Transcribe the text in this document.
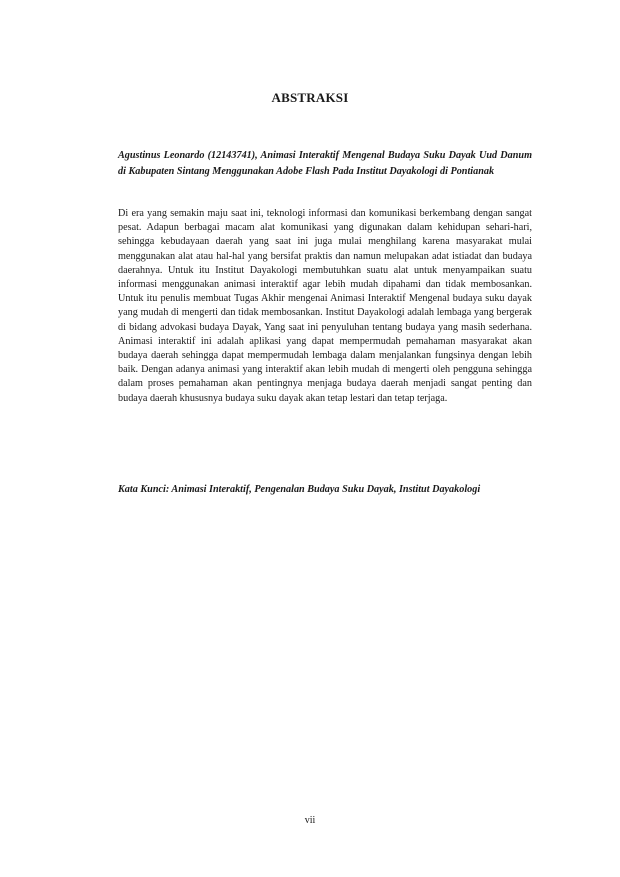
ABSTRAKSI
Agustinus Leonardo (12143741), Animasi Interaktif Mengenal Budaya Suku Dayak Uud Danum di Kabupaten Sintang Menggunakan Adobe Flash Pada Institut Dayakologi di Pontianak

Di era yang semakin maju saat ini, teknologi informasi dan komunikasi berkembang dengan sangat pesat. Adapun berbagai macam alat komunikasi yang digunakan dalam kehidupan sehari-hari, sehingga kebudayaan daerah yang saat ini juga mulai menghilang karena masyarakat mulai menggunakan alat atau hal-hal yang bersifat praktis dan namun melupakan adat istiadat dan budaya daerahnya. Untuk itu Institut Dayakologi membutuhkan suatu alat untuk menyampaikan suatu informasi menggunakan animasi interaktif agar lebih mudah dipahami dan tidak membosankan. Untuk itu penulis membuat Tugas Akhir mengenai Animasi Interaktif Mengenal budaya suku dayak yang mudah di mengerti dan tidak membosankan. Institut Dayakologi adalah lembaga yang bergerak di bidang advokasi budaya Dayak, Yang saat ini penyuluhan tentang budaya yang masih sederhana. Animasi interaktif ini adalah aplikasi yang dapat mempermudah pemahaman masyarakat akan budaya daerah sehingga dapat mempermudah lembaga dalam menjalankan fungsinya dengan lebih baik. Dengan adanya animasi yang interaktif akan lebih mudah di mengerti oleh pengguna sehingga dalam proses pemahaman akan pentingnya menjaga budaya daerah menjadi sangat penting dan budaya daerah khususnya budaya suku dayak akan tetap lestari dan tetap terjaga.

Kata Kunci: Animasi Interaktif, Pengenalan Budaya Suku Dayak, Institut Dayakologi
vii
